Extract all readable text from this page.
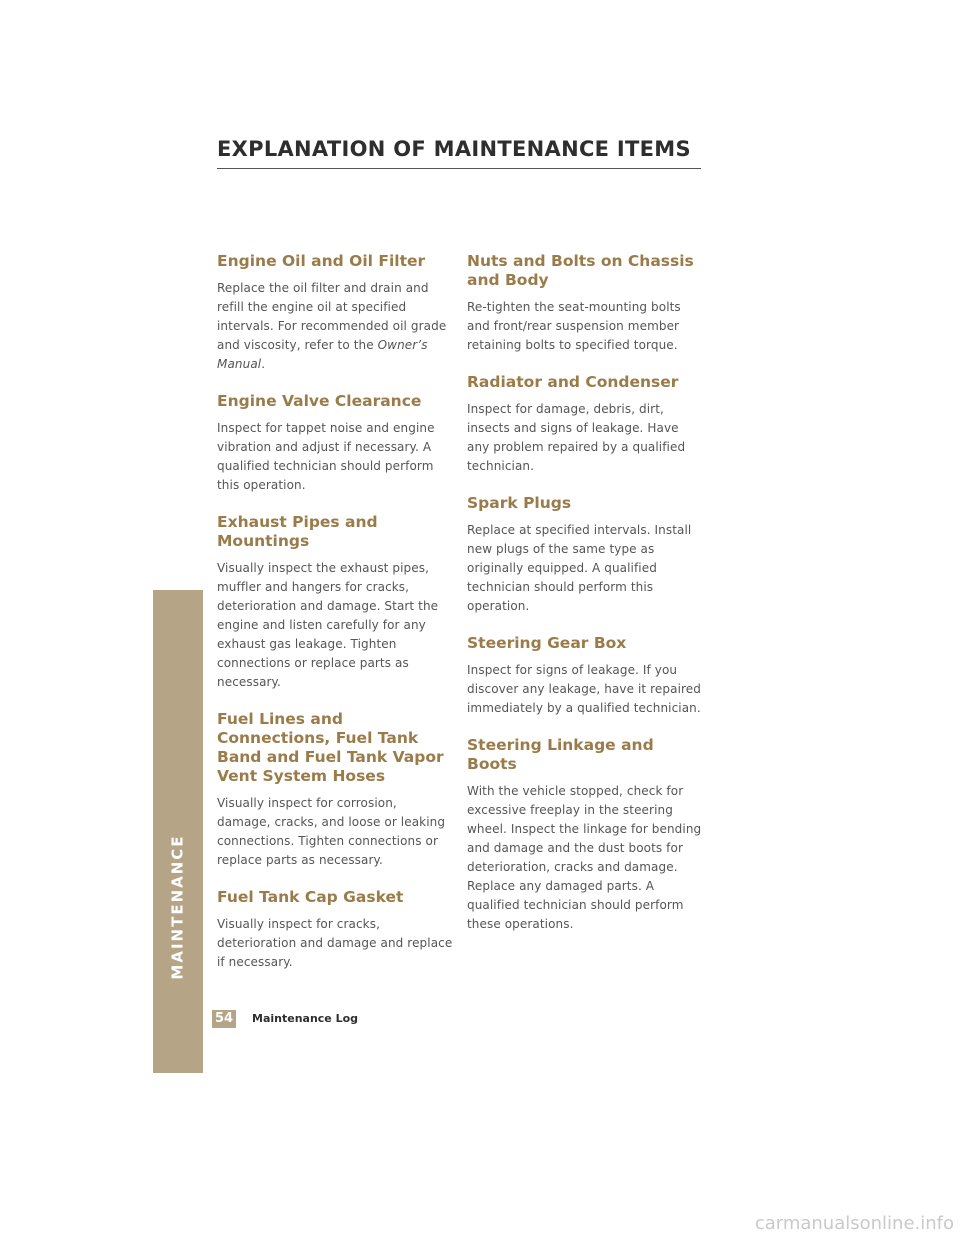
EXPLANATION OF MAINTENANCE ITEMS
Engine Oil and Oil Filter

Replace the oil filter and drain and refill the engine oil at specified intervals. For recommended oil grade and viscosity, refer to the Owner’s Manual.

Engine Valve Clearance

Inspect for tappet noise and engine vibration and adjust if necessary. A qualified technician should perform this operation.

Exhaust Pipes and Mountings

Visually inspect the exhaust pipes, muffler and hangers for cracks, deterioration and damage. Start the engine and listen carefully for any exhaust gas leakage. Tighten connections or replace parts as necessary.

Fuel Lines and Connections, Fuel Tank Band and Fuel Tank Vapor Vent System Hoses

Visually inspect for corrosion, damage, cracks, and loose or leaking connections. Tighten connections or replace parts as necessary.

Fuel Tank Cap Gasket

Visually inspect for cracks, deterioration and damage and replace if necessary.

Nuts and Bolts on Chassis and Body

Re-tighten the seat-mounting bolts and front/rear suspension member retaining bolts to specified torque.

Radiator and Condenser

Inspect for damage, debris, dirt, insects and signs of leakage. Have any problem repaired by a qualified technician.

Spark Plugs

Replace at specified intervals. Install new plugs of the same type as originally equipped. A qualified technician should perform this operation.

Steering Gear Box

Inspect for signs of leakage. If you discover any leakage, have it repaired immediately by a qualified technician.

Steering Linkage and Boots

With the vehicle stopped, check for excessive freeplay in the steering wheel. Inspect the linkage for bending and damage and the dust boots for deterioration, cracks and damage. Replace any damaged parts. A qualified technician should perform these operations.

MAINTENANCE
54 Maintenance Log
carmanualsonline.info
